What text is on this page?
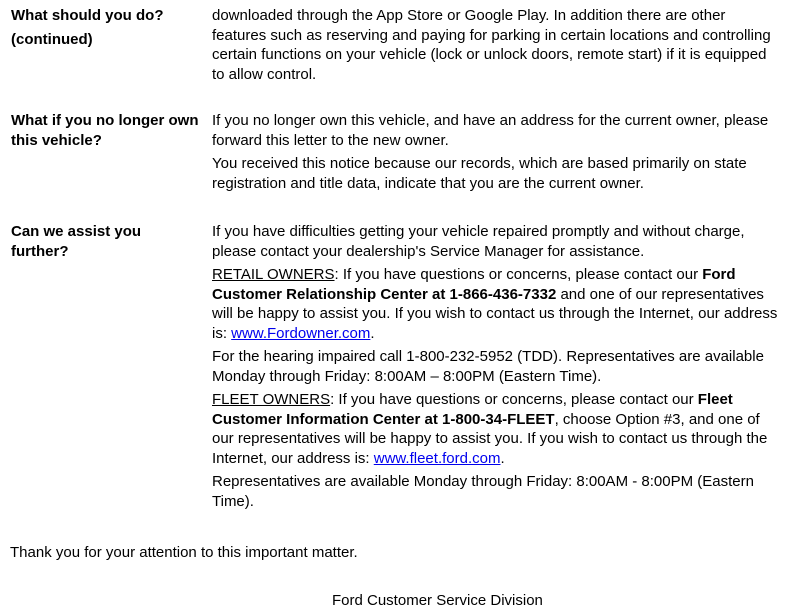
What should you do?
(continued)

downloaded through the App Store or Google Play. In addition there are other features such as reserving and paying for parking in certain locations and controlling certain functions on your vehicle (lock or unlock doors, remote start) if it is equipped to allow control.

What if you no longer own this vehicle?

If you no longer own this vehicle, and have an address for the current owner, please forward this letter to the new owner.

You received this notice because our records, which are based primarily on state registration and title data, indicate that you are the current owner.

Can we assist you further?

If you have difficulties getting your vehicle repaired promptly and without charge, please contact your dealership's Service Manager for assistance.

RETAIL OWNERS: If you have questions or concerns, please contact our Ford Customer Relationship Center at 1-866-436-7332 and one of our representatives will be happy to assist you. If you wish to contact us through the Internet, our address is: www.Fordowner.com.

For the hearing impaired call 1-800-232-5952 (TDD). Representatives are available Monday through Friday: 8:00AM – 8:00PM (Eastern Time).

FLEET OWNERS: If you have questions or concerns, please contact our Fleet Customer Information Center at 1-800-34-FLEET, choose Option #3, and one of our representatives will be happy to assist you. If you wish to contact us through the Internet, our address is: www.fleet.ford.com.

Representatives are available Monday through Friday: 8:00AM - 8:00PM (Eastern Time).

Thank you for your attention to this important matter.
Ford Customer Service Division
